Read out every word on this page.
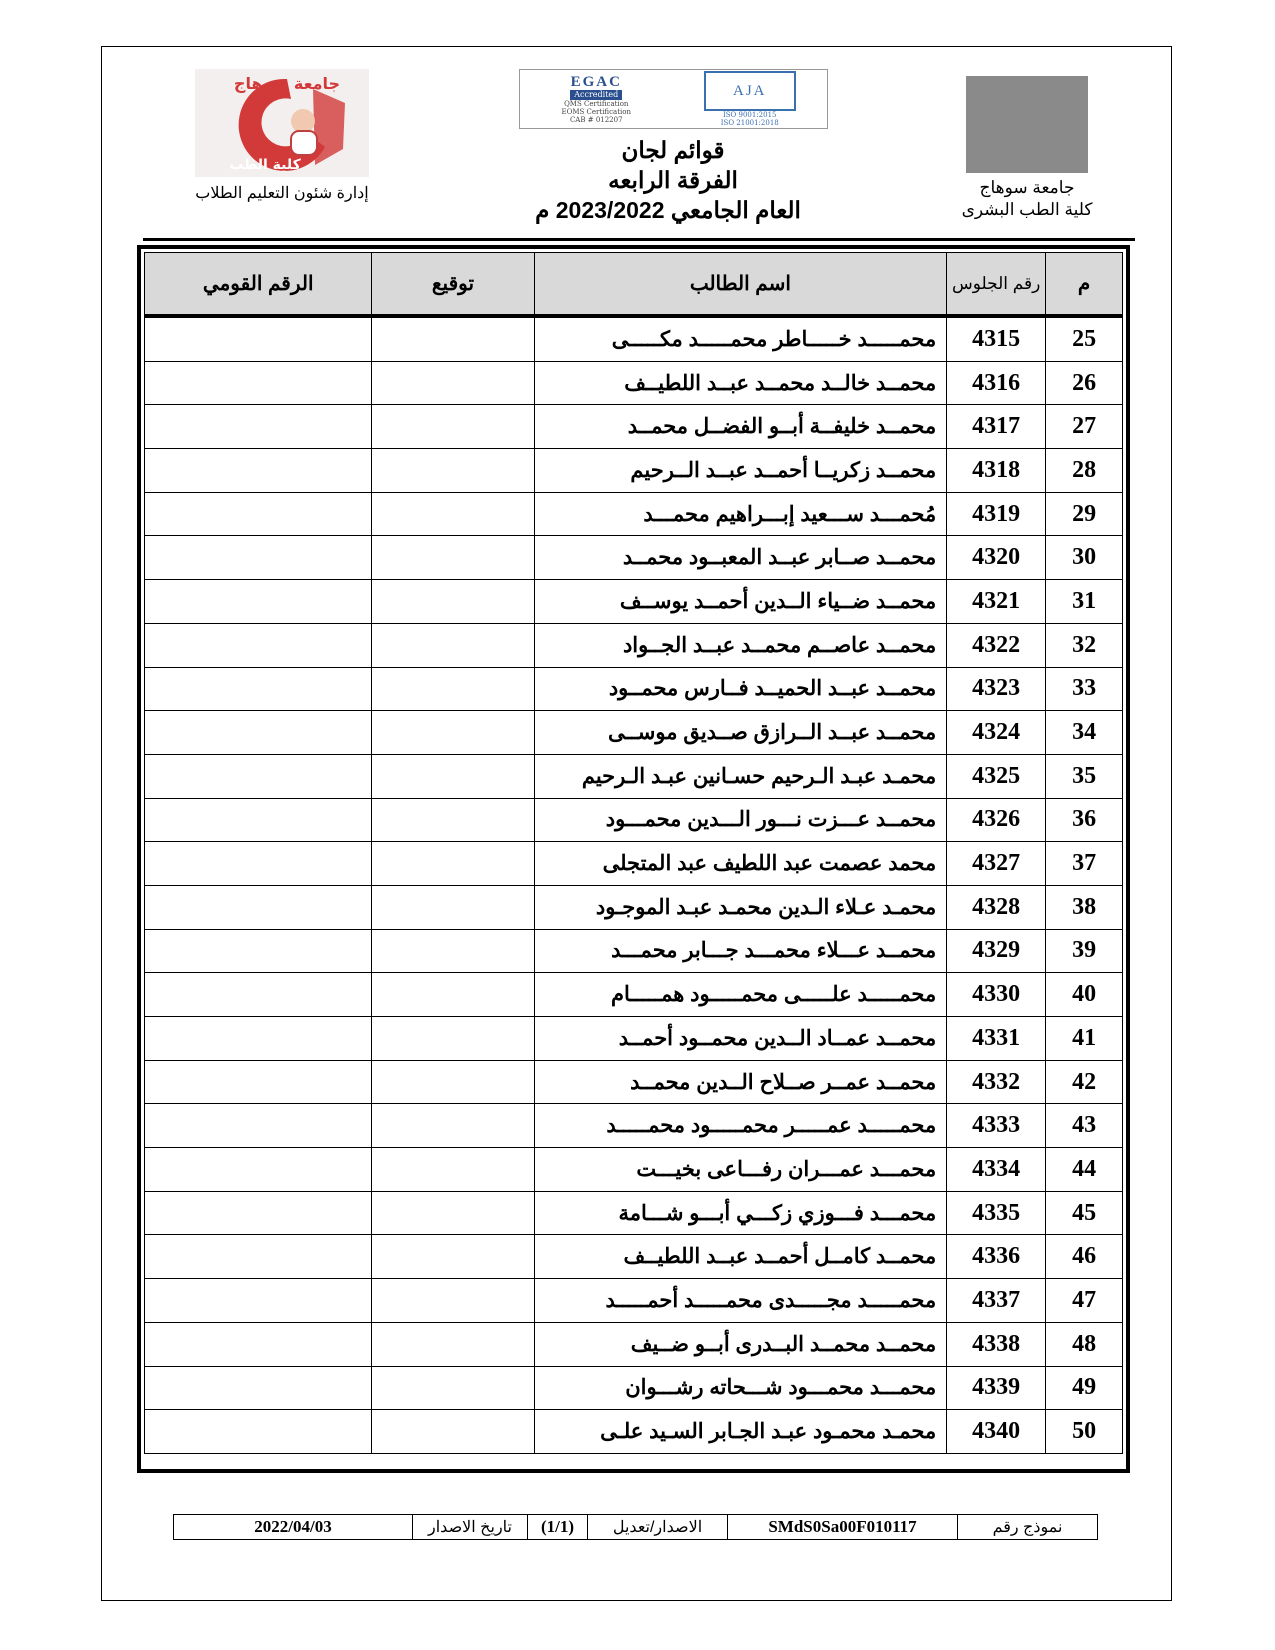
جامعة سوهاج
كلية الطب البشرى
EGAC
Accredited
QMS Certification
EOMS Certification
CAB # 012207
AJA
ISO 9001:2015
ISO 21001:2018
قوائم لجان
الفرقة الرابعه
العام الجامعي 2023/2022 م
جامعة سوهاج
كلية الطب
إدارة شئون التعليم الطلاب
م	رقم الجلوس	اسم الطالب	توقيع	الرقم القومي
25	4315	محمـــــد خـــــاطر محمـــــد مكـــــى		
26	4316	محمــد خالــد محمــد عبــد اللطيــف		
27	4317	محمــد خليفــة أبــو الفضــل محمــد		
28	4318	محمــد زكريــا أحمــد عبــد الــرحيم		
29	4319	مُحمـــد ســـعيد إبـــراهيم محمـــد		
30	4320	محمــد صــابر عبــد المعبــود محمــد		
31	4321	محمــد ضــياء الــدين أحمــد يوســف		
32	4322	محمــد عاصــم محمــد عبــد الجــواد		
33	4323	محمــد عبــد الحميــد فــارس محمــود		
34	4324	محمــد عبــد الــرازق صــديق موســى		
35	4325	محمـد عبـد الـرحيم حسـانين عبـد الـرحيم		
36	4326	محمــد عـــزت نـــور الـــدين محمـــود		
37	4327	محمد عصمت عبد اللطيف عبد المتجلى		
38	4328	محمـد عـلاء الـدين محمـد عبـد الموجـود		
39	4329	محمــد عـــلاء محمـــد جـــابر محمـــد		
40	4330	محمـــــد علـــــى محمـــــود همـــــام		
41	4331	محمــد عمــاد الــدين محمــود أحمــد		
42	4332	محمــد عمــر صــلاح الــدين محمــد		
43	4333	محمـــــد عمـــــر محمـــــود محمـــــد		
44	4334	محمـــد عمـــران رفـــاعى بخيـــت		
45	4335	محمـــد فـــوزي زكـــي أبـــو شـــامة		
46	4336	محمــد كامــل أحمــد عبــد اللطيــف		
47	4337	محمـــــد مجـــــدى محمـــــد أحمـــــد		
48	4338	محمــد محمــد البــدرى أبــو ضــيف		
49	4339	محمـــد محمـــود شـــحاته رشـــوان		
50	4340	محمـد محمـود عبـد الجـابر السـيد علـى		
نموذج رقم
SMdS0Sa00F010117
الاصدار/تعديل
(1/1)
تاريخ الاصدار
2022/04/03
